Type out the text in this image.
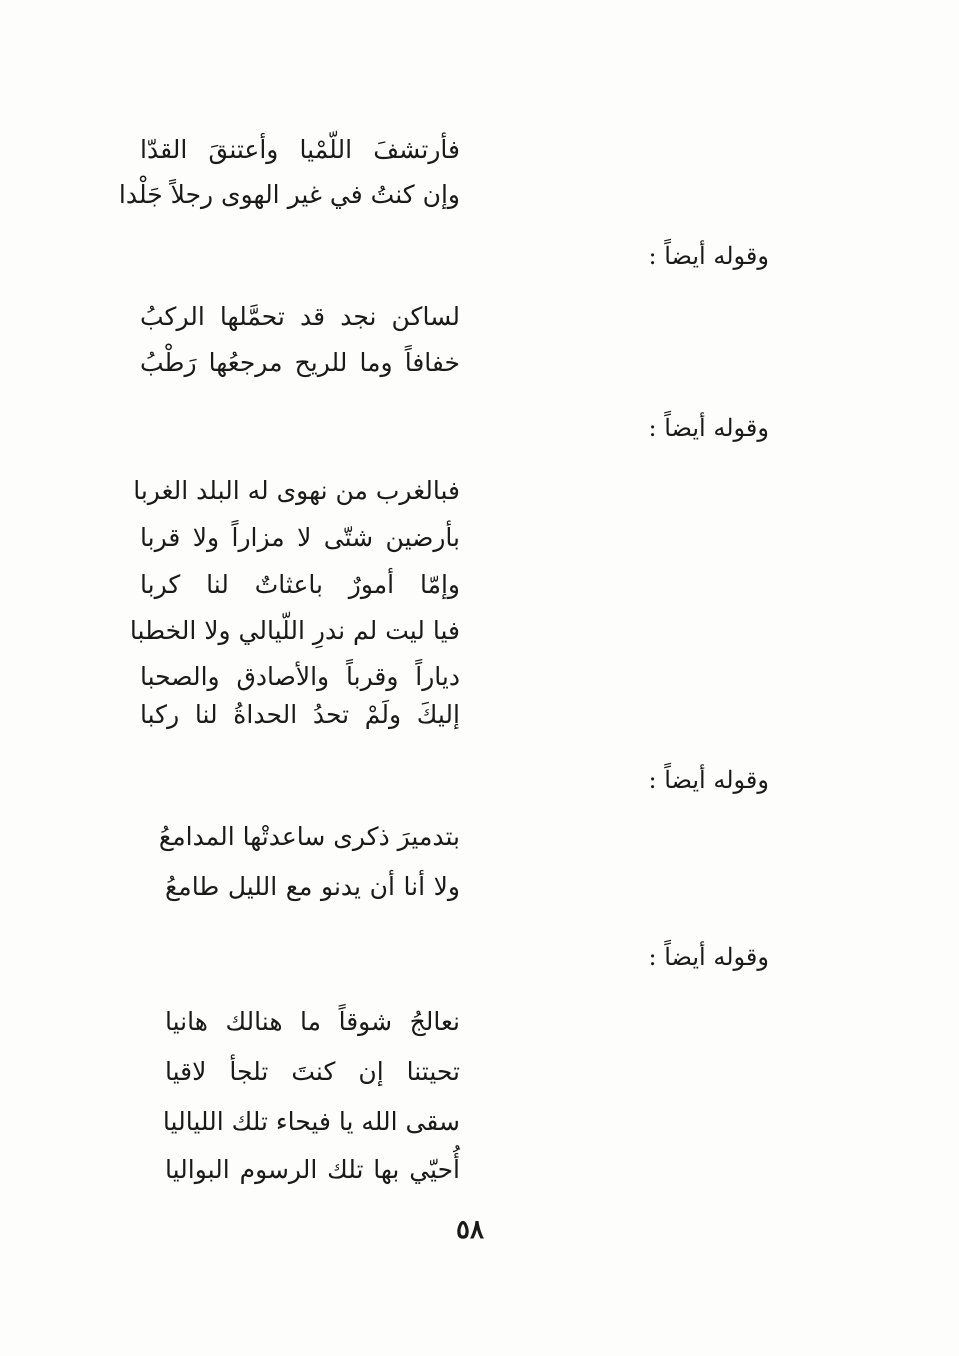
فأرتشفَ اللّمْيا وأعتنقَ القدّا
وإن كنتُ في غير الهوى رجلاً جَلْدا
وقوله أيضاً :
لساكن نجد قد تحمَّلها الركبُ
خفافاً وما للريح مرجعُها رَطْبُ
وقوله أيضاً :
فبالغرب من نهوى له البلد الغربا
بأرضين شتّى لا مزاراً ولا قربا
وإمّا أمورٌ باعثاتٌ لنا كربا
فيا ليت لم ندرِ اللّيالي ولا الخطبا
دياراً وقرباً والأصادق والصحبا
إليكَ ولَمْ تحدُ الحداةُ لنا ركبا
وقوله أيضاً :
بتدميرَ ذكرى ساعدتْها المدامعُ
ولا أنا أن يدنو مع الليل طامعُ
وقوله أيضاً :
نعالجُ شوقاً ما هنالك هانيا
تحيتنا إن كنتَ تلجأ لاقيا
سقى الله يا فيحاء تلك اللياليا
أُحيّي بها تلك الرسوم البواليا
٥٨
